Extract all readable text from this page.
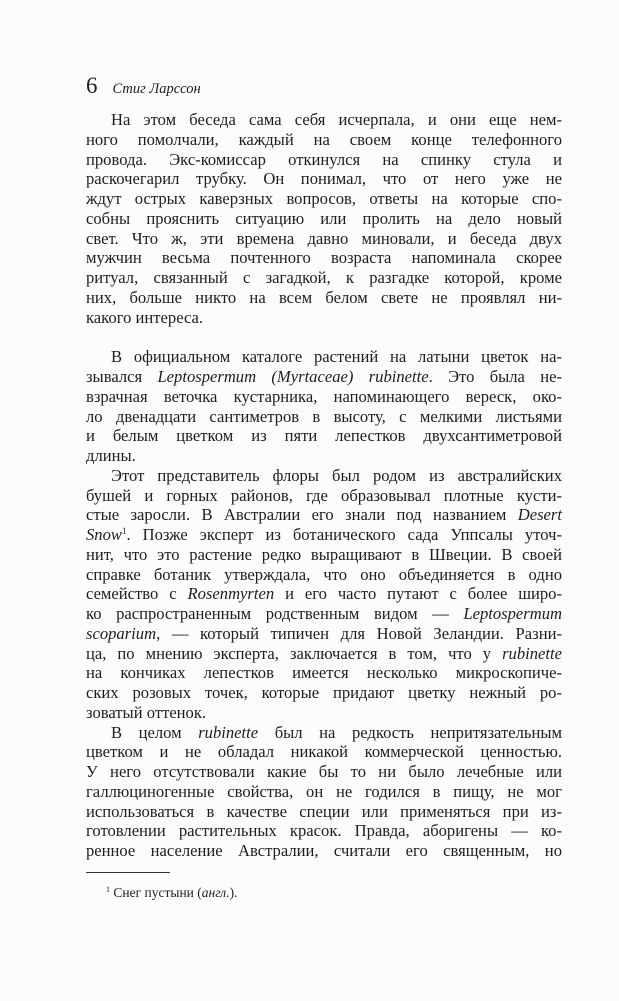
6 Стиг Ларссон
На этом беседа сама себя исчерпала, и они еще нем-
ного помолчали, каждый на своем конце телефонного
провода. Экс-комиссар откинулся на спинку стула и
раскочегарил трубку. Он понимал, что от него уже не
ждут острых каверзных вопросов, ответы на которые спо-
собны прояснить ситуацию или пролить на дело новый
свет. Что ж, эти времена давно миновали, и беседа двух
мужчин весьма почтенного возраста напоминала скорее
ритуал, связанный с загадкой, к разгадке которой, кроме
них, больше никто на всем белом свете не проявлял ни-
какого интереса.
В официальном каталоге растений на латыни цветок на-
зывался Leptospermum (Myrtaceae) rubinette. Это была не-
взрачная веточка кустарника, напоминающего вереск, око-
ло двенадцати сантиметров в высоту, с мелкими листьями
и белым цветком из пяти лепестков двухсантиметровой
длины.
Этот представитель флоры был родом из австралийских
бушей и горных районов, где образовывал плотные кусти-
стые заросли. В Австралии его знали под названием Desert
Snow$^1$. Позже эксперт из ботанического сада Уппсалы уточ-
нит, что это растение редко выращивают в Швеции. В своей
справке ботаник утверждала, что оно объединяется в одно
семейство с Rosenmyrten и его часто путают с более широ-
ко распространенным родственным видом — Leptospermum
scoparium, — который типичен для Новой Зеландии. Разни-
ца, по мнению эксперта, заключается в том, что у rubinette
на кончиках лепестков имеется несколько микроскопиче-
ских розовых точек, которые придают цветку нежный ро-
зоватый оттенок.
В целом rubinette был на редкость непритязательным
цветком и не обладал никакой коммерческой ценностью.
У него отсутствовали какие бы то ни было лечебные или
галлюциногенные свойства, он не годился в пищу, не мог
использоваться в качестве специи или применяться при из-
готовлении растительных красок. Правда, аборигены — ко-
ренное население Австралии, считали его священным, но
$^1$ Снег пустыни (англ.).
